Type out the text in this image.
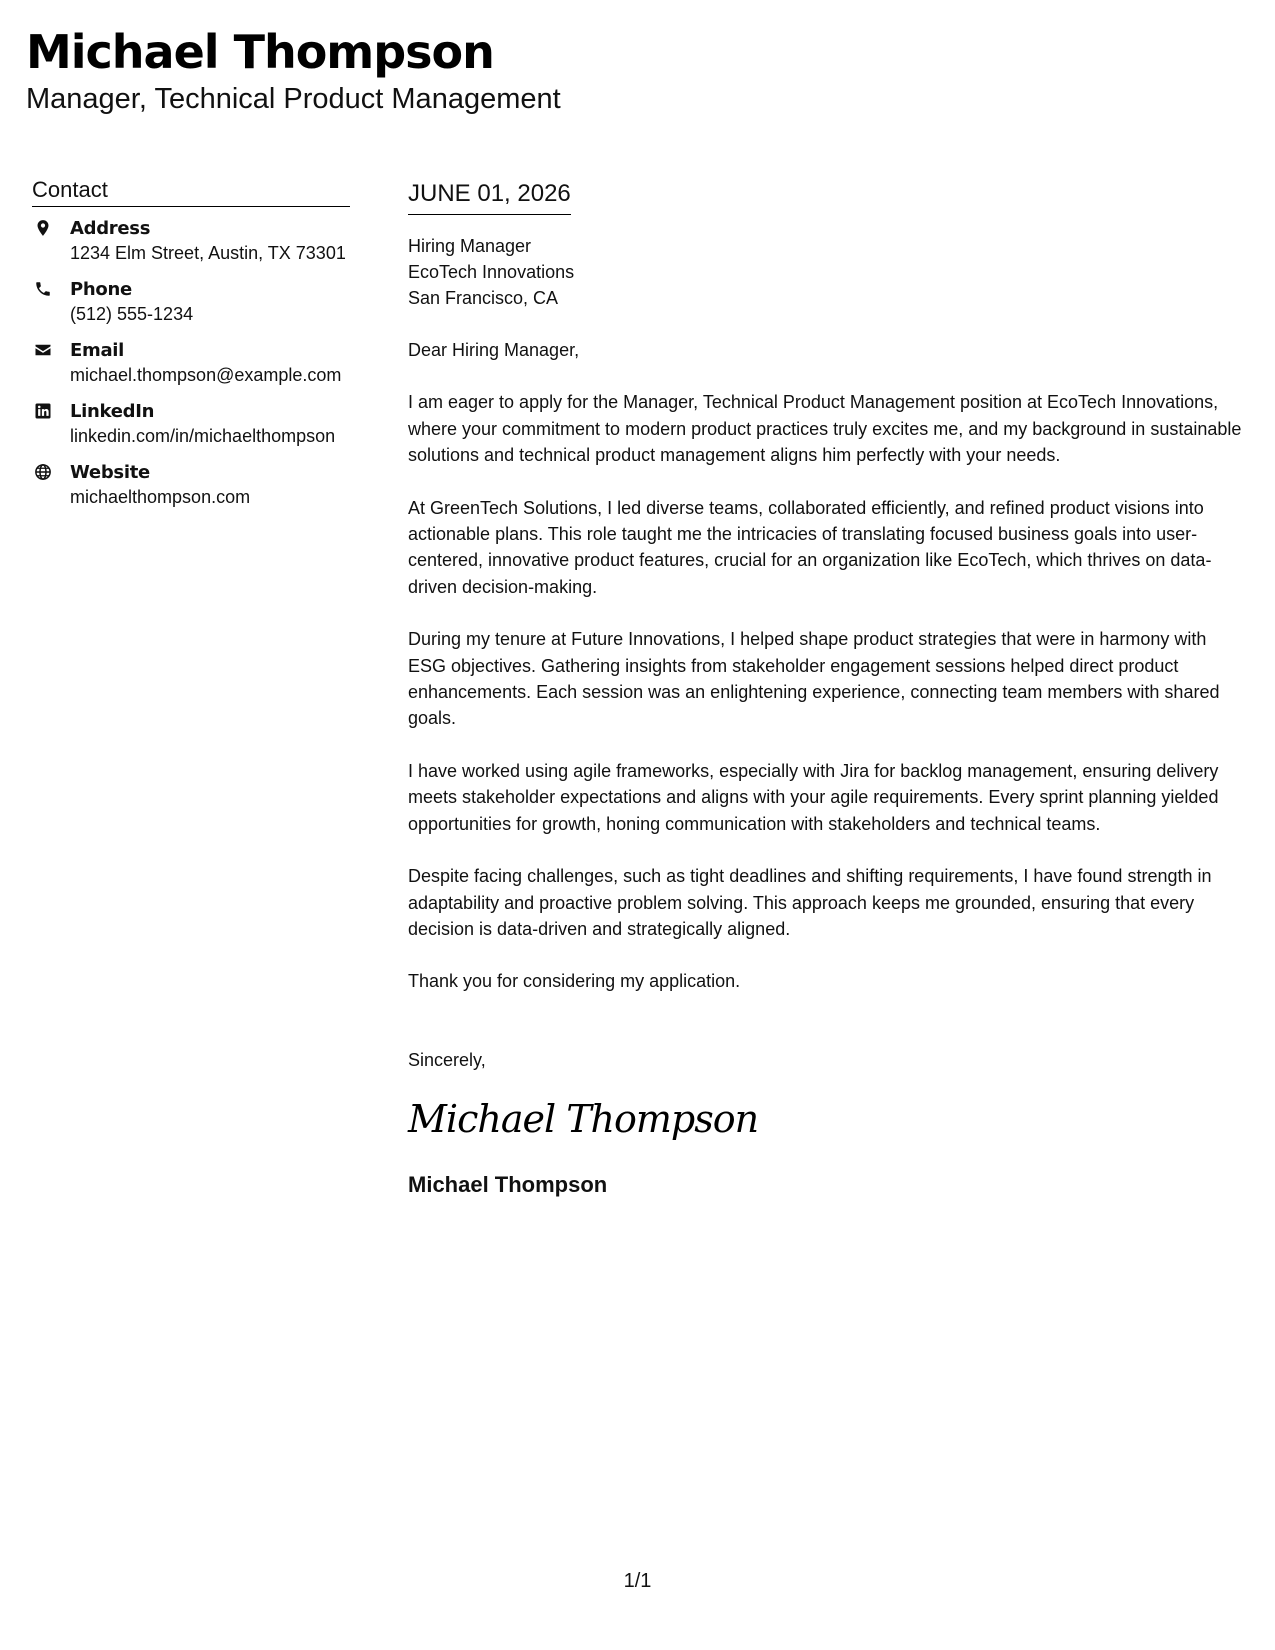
Michael Thompson
Manager, Technical Product Management
Contact
Address
1234 Elm Street, Austin, TX 73301
Phone
(512) 555-1234
Email
michael.thompson@example.com
LinkedIn
linkedin.com/in/michaelthompson
Website
michaelthompson.com
JUNE 01, 2026
Hiring Manager
EcoTech Innovations
San Francisco, CA

Dear Hiring Manager,

I am eager to apply for the Manager, Technical Product Management position at EcoTech Innovations, where your commitment to modern product practices truly excites me, and my background in sustainable solutions and technical product management aligns him perfectly with your needs.

At GreenTech Solutions, I led diverse teams, collaborated efficiently, and refined product visions into actionable plans. This role taught me the intricacies of translating focused business goals into user-centered, innovative product features, crucial for an organization like EcoTech, which thrives on data-driven decision-making.

During my tenure at Future Innovations, I helped shape product strategies that were in harmony with ESG objectives. Gathering insights from stakeholder engagement sessions helped direct product enhancements. Each session was an enlightening experience, connecting team members with shared goals.

I have worked using agile frameworks, especially with Jira for backlog management, ensuring delivery meets stakeholder expectations and aligns with your agile requirements. Every sprint planning yielded opportunities for growth, honing communication with stakeholders and technical teams.

Despite facing challenges, such as tight deadlines and shifting requirements, I have found strength in adaptability and proactive problem solving. This approach keeps me grounded, ensuring that every decision is data-driven and strategically aligned.

Thank you for considering my application.

Sincerely,
Michael Thompson
Michael Thompson
1/1
